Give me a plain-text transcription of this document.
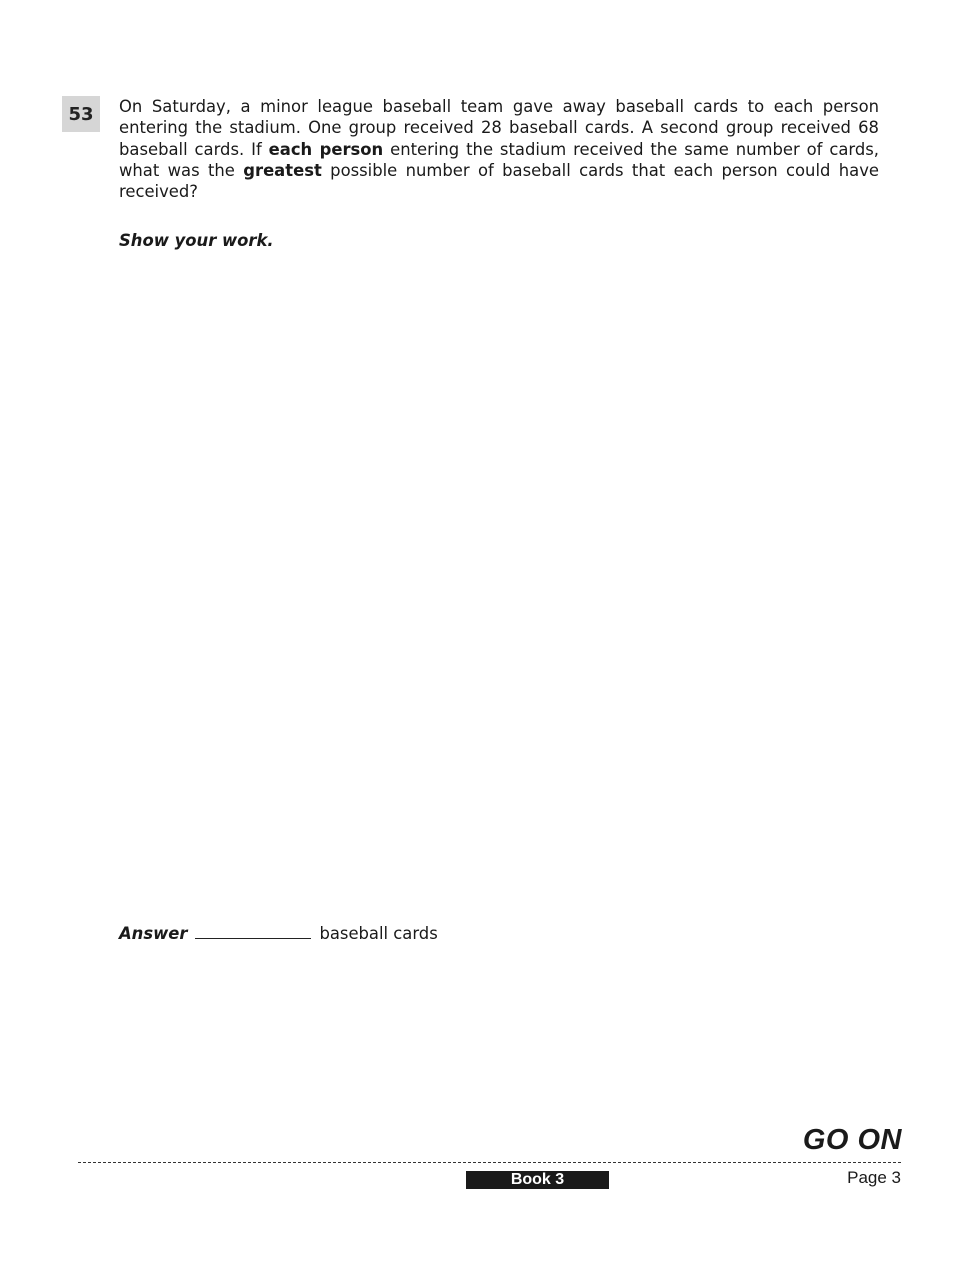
53	On Saturday, a minor league baseball team gave away baseball cards to each person entering the stadium. One group received 28 baseball cards. A second group received 68 baseball cards. If each person entering the stadium received the same number of cards, what was the greatest possible number of baseball cards that each person could have received?
Show your work.
Answer	baseball cards
GO ON
Book 3	Page 3
